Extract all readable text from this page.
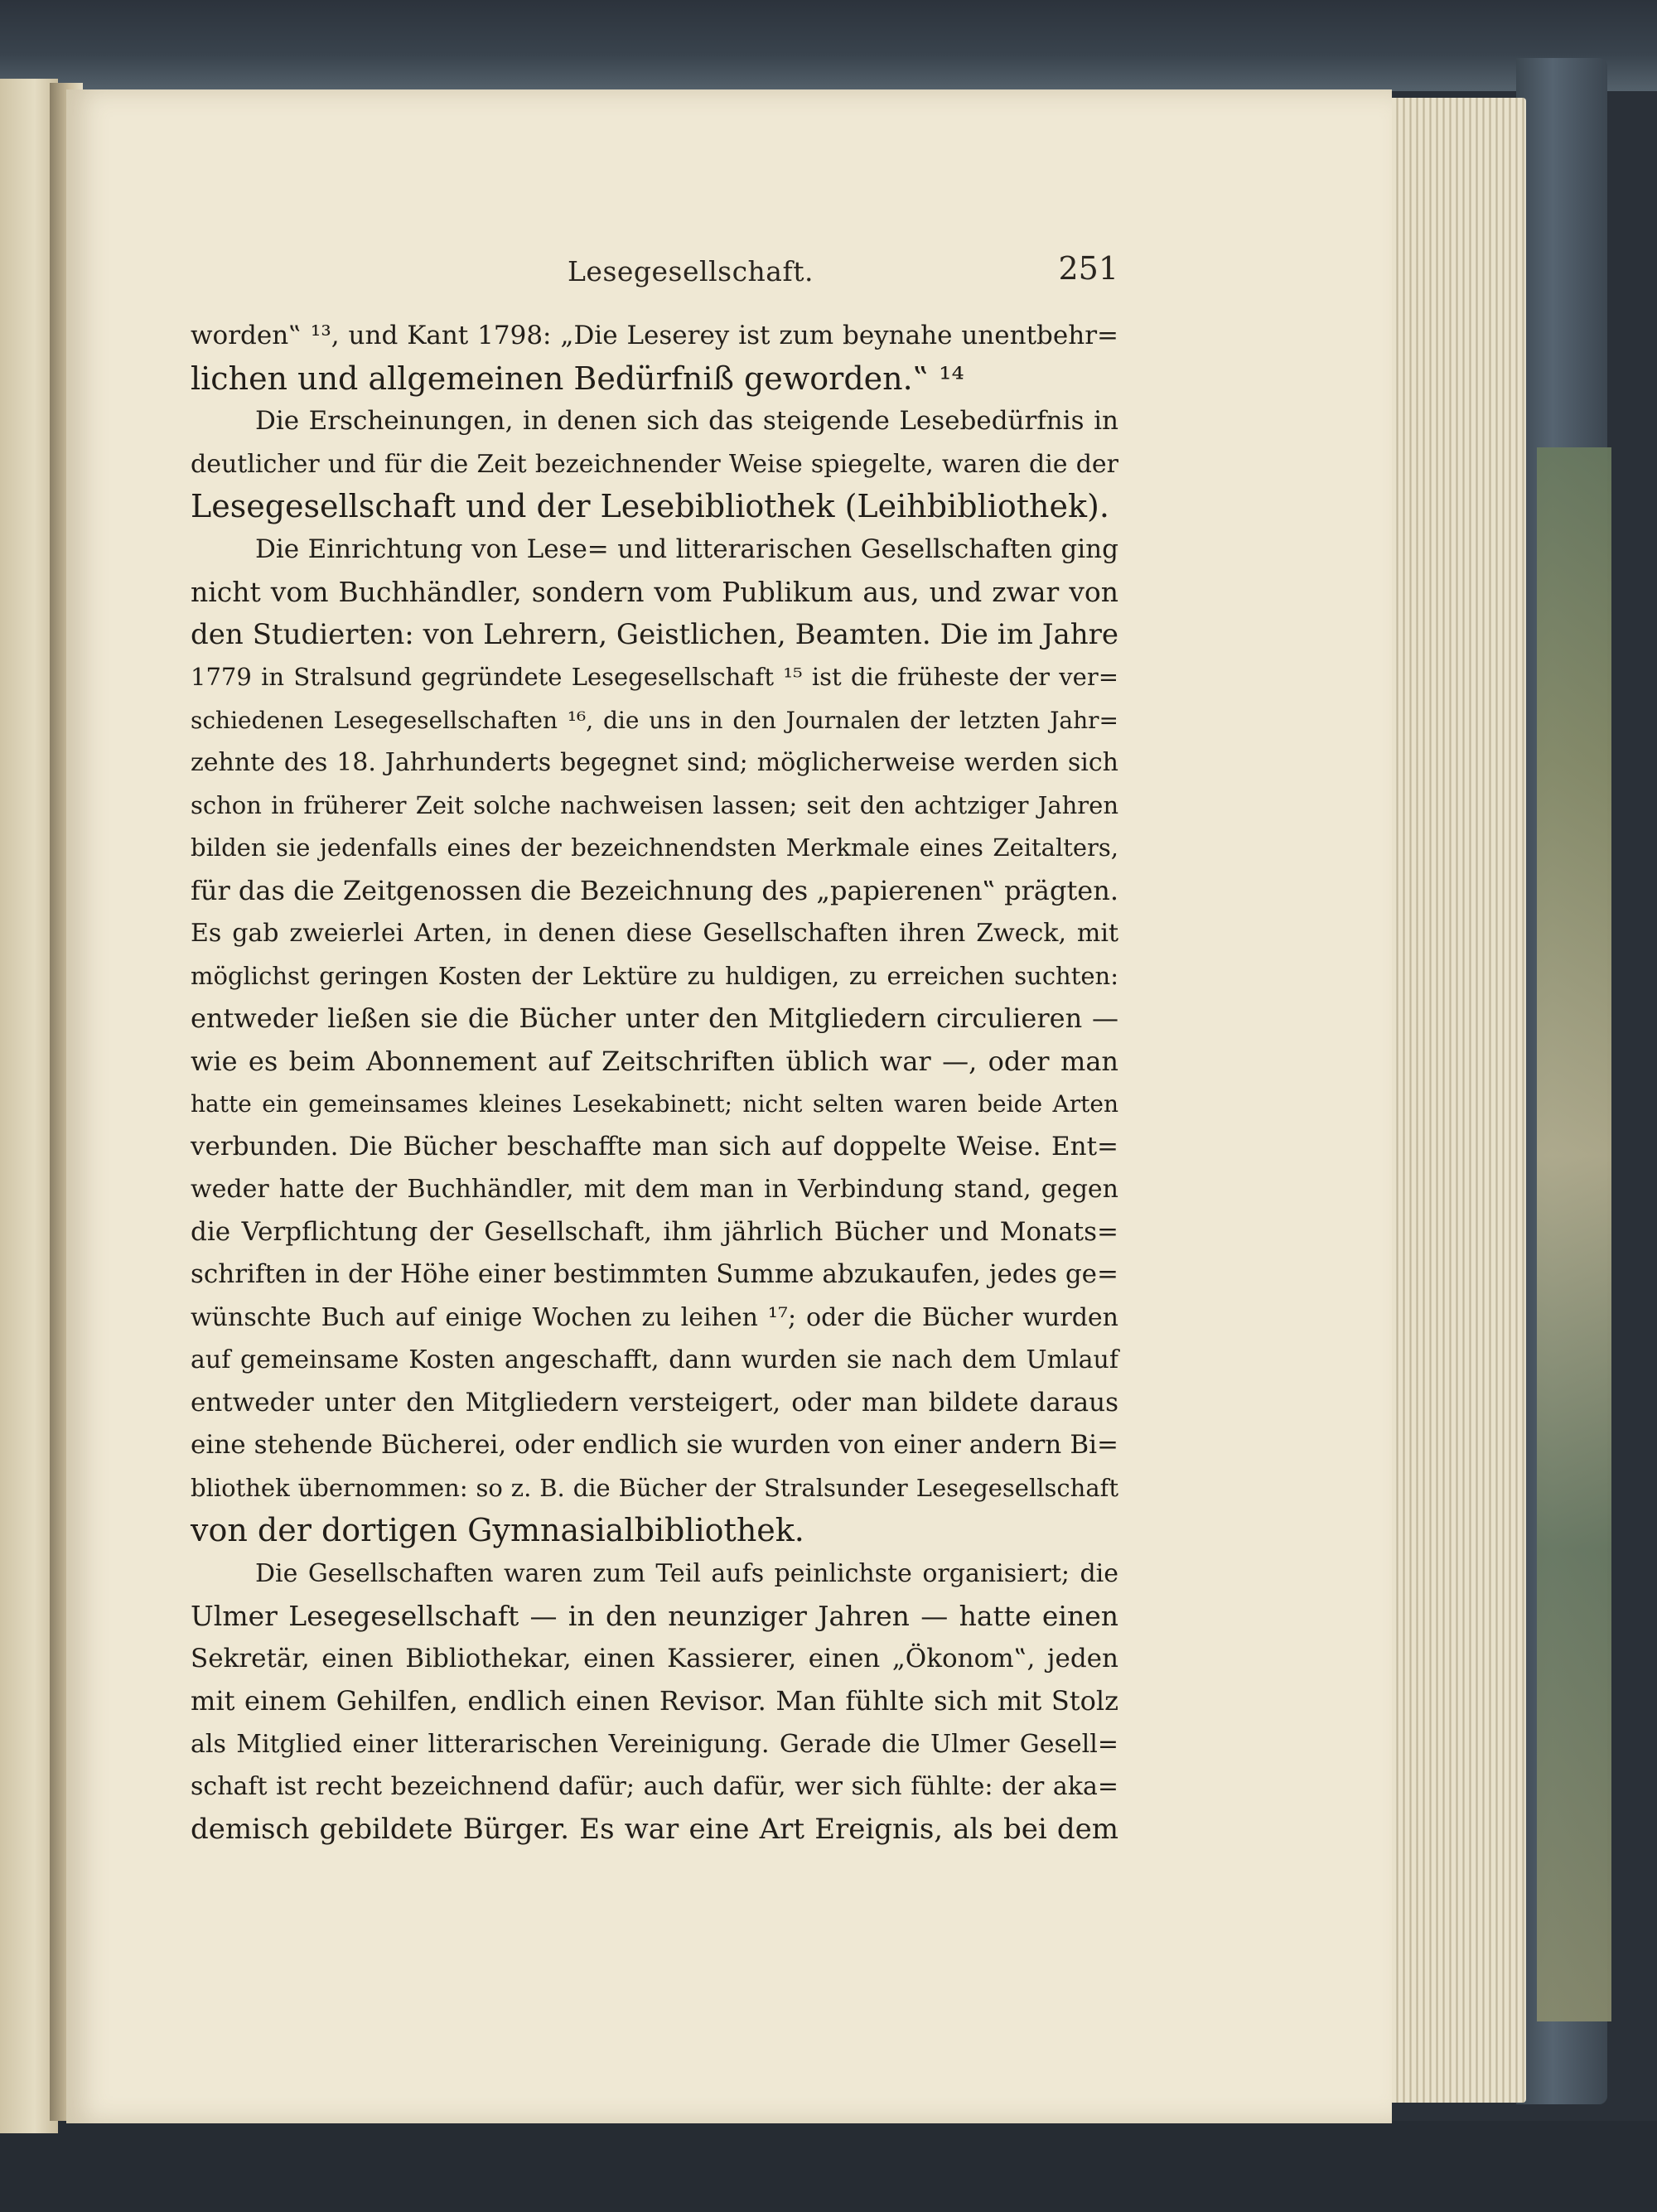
Lesegesellschaft.	251
worden‟ ¹³, und Kant 1798: „Die Leserey ist zum beynahe unentbehr=
lichen und allgemeinen Bedürfniß geworden.‟ ¹⁴
Die Erscheinungen, in denen sich das steigende Lesebedürfnis in
deutlicher und für die Zeit bezeichnender Weise spiegelte, waren die der
Lesegesellschaft und der Lesebibliothek (Leihbibliothek).
Die Einrichtung von Lese= und litterarischen Gesellschaften ging
nicht vom Buchhändler, sondern vom Publikum aus, und zwar von
den Studierten: von Lehrern, Geistlichen, Beamten. Die im Jahre
1779 in Stralsund gegründete Lesegesellschaft ¹⁵ ist die früheste der ver=
schiedenen Lesegesellschaften ¹⁶, die uns in den Journalen der letzten Jahr=
zehnte des 18. Jahrhunderts begegnet sind; möglicherweise werden sich
schon in früherer Zeit solche nachweisen lassen; seit den achtziger Jahren
bilden sie jedenfalls eines der bezeichnendsten Merkmale eines Zeitalters,
für das die Zeitgenossen die Bezeichnung des „papierenen‟ prägten.
Es gab zweierlei Arten, in denen diese Gesellschaften ihren Zweck, mit
möglichst geringen Kosten der Lektüre zu huldigen, zu erreichen suchten:
entweder ließen sie die Bücher unter den Mitgliedern circulieren —
wie es beim Abonnement auf Zeitschriften üblich war —, oder man
hatte ein gemeinsames kleines Lesekabinett; nicht selten waren beide Arten
verbunden. Die Bücher beschaffte man sich auf doppelte Weise. Ent=
weder hatte der Buchhändler, mit dem man in Verbindung stand, gegen
die Verpflichtung der Gesellschaft, ihm jährlich Bücher und Monats=
schriften in der Höhe einer bestimmten Summe abzukaufen, jedes ge=
wünschte Buch auf einige Wochen zu leihen ¹⁷; oder die Bücher wurden
auf gemeinsame Kosten angeschafft, dann wurden sie nach dem Umlauf
entweder unter den Mitgliedern versteigert, oder man bildete daraus
eine stehende Bücherei, oder endlich sie wurden von einer andern Bi=
bliothek übernommen: so z. B. die Bücher der Stralsunder Lesegesellschaft
von der dortigen Gymnasialbibliothek.
Die Gesellschaften waren zum Teil aufs peinlichste organisiert; die
Ulmer Lesegesellschaft — in den neunziger Jahren — hatte einen
Sekretär, einen Bibliothekar, einen Kassierer, einen „Ökonom‟, jeden
mit einem Gehilfen, endlich einen Revisor. Man fühlte sich mit Stolz
als Mitglied einer litterarischen Vereinigung. Gerade die Ulmer Gesell=
schaft ist recht bezeichnend dafür; auch dafür, wer sich fühlte: der aka=
demisch gebildete Bürger. Es war eine Art Ereignis, als bei dem
